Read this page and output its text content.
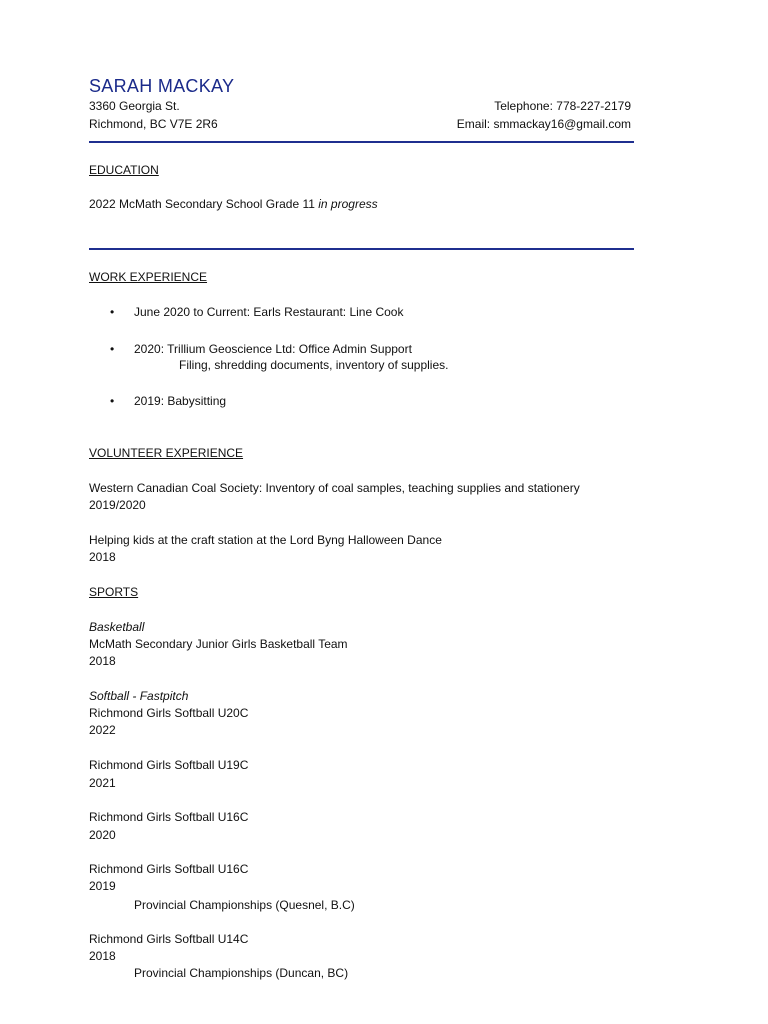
SARAH MACKAY
3360 Georgia St.
Richmond, BC V7E 2R6
Telephone: 778-227-2179
Email: smmackay16@gmail.com
EDUCATION
2022 McMath Secondary School Grade 11 in progress
WORK EXPERIENCE
• June 2020 to Current: Earls Restaurant: Line Cook
• 2020: Trillium Geoscience Ltd: Office Admin Support
Filing, shredding documents, inventory of supplies.
• 2019: Babysitting
VOLUNTEER EXPERIENCE
Western Canadian Coal Society: Inventory of coal samples, teaching supplies and stationery
2019/2020
Helping kids at the craft station at the Lord Byng Halloween Dance
2018
SPORTS
Basketball
McMath Secondary Junior Girls Basketball Team
2018
Softball - Fastpitch
Richmond Girls Softball U20C
2022
Richmond Girls Softball U19C
2021
Richmond Girls Softball U16C
2020
Richmond Girls Softball U16C
2019
Provincial Championships (Quesnel, B.C)
Richmond Girls Softball U14C
2018
Provincial Championships (Duncan, BC)
